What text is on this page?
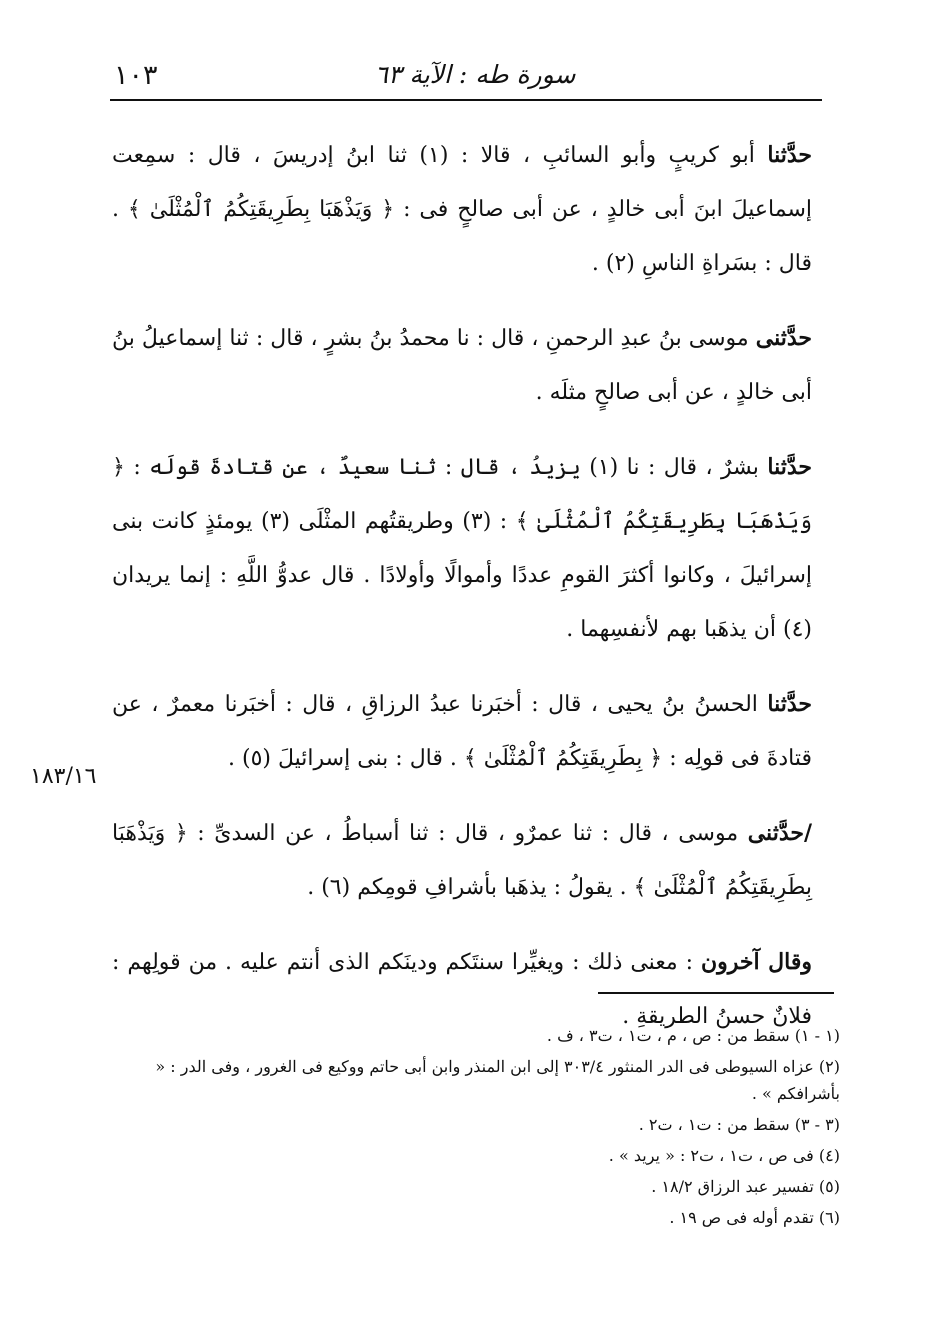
١٠٣	سورة طه : الآية ٦٣
١٨٣/١٦

حدَّثنا أبو كريبٍ وأبو السائبِ ، قالا : (١) ثنا ابنُ إدريسَ ، قال : سمِعت إسماعيلَ ابنَ أبى خالدٍ ، عن أبى صالحٍ فى : ﴿ وَيَذْهَبَا بِطَرِيقَتِكُمُ ٱلْمُثْلَىٰ ﴾ . قال : بسَراةِ الناسِ (٢) .

حدَّثنى موسى بنُ عبدِ الرحمنِ ، قال : نا محمدُ بنُ بشرٍ ، قال : ثنا إسماعيلُ بنُ أبى خالدٍ ، عن أبى صالحٍ مثلَه .

حدَّثنا بشرٌ ، قال : نا (١) يزيدُ ، قال : ثنا سعيدٌ ، عن قتادةَ قولَه : ﴿ وَيَذْهَبَا بِطَرِيقَتِكُمُ ٱلْمُثْلَىٰ ﴾ : (٣) وطريقتُهم المثْلَى (٣) يومئذٍ كانت بنى إسرائيلَ ، وكانوا أكثرَ القومِ عددًا وأموالًا وأولادًا . قال عدوُّ اللَّهِ : إنما يريدان (٤) أن يذهَبا بهم لأنفسِهما .

حدَّثنا الحسنُ بنُ يحيى ، قال : أخبَرنا عبدُ الرزاقِ ، قال : أخبَرنا معمرٌ ، عن قتادةَ فى قولِه : ﴿ بِطَرِيقَتِكُمُ ٱلْمُثْلَىٰ ﴾ . قال : بنى إسرائيلَ (٥) .

/حدَّثنى موسى ، قال : ثنا عمرٌو ، قال : ثنا أسباطُ ، عن السدىِّ : ﴿ وَيَذْهَبَا بِطَرِيقَتِكُمُ ٱلْمُثْلَىٰ ﴾ . يقولُ : يذهَبا بأشرافِ قومِكم (٦) .

وقال آخرون : معنى ذلك : ويغيِّرا سنتَكم ودينَكم الذى أنتم عليه . من قولِهم : فلانٌ حسنُ الطريقةِ .

(١ - ١) سقط من : ص ، م ، ت١ ، ت٣ ، ف .

(٢) عزاه السيوطى فى الدر المنثور ٣٠٣/٤ إلى ابن المنذر وابن أبى حاتم ووكيع فى الغرور ، وفى الدر : « بأشرافكم » .

(٣ - ٣) سقط من : ت١ ، ت٢ .

(٤) فى ص ، ت١ ، ت٢ : « يريد » .

(٥) تفسير عبد الرزاق ١٨/٢ .

(٦) تقدم أوله فى ص ١٩ .
